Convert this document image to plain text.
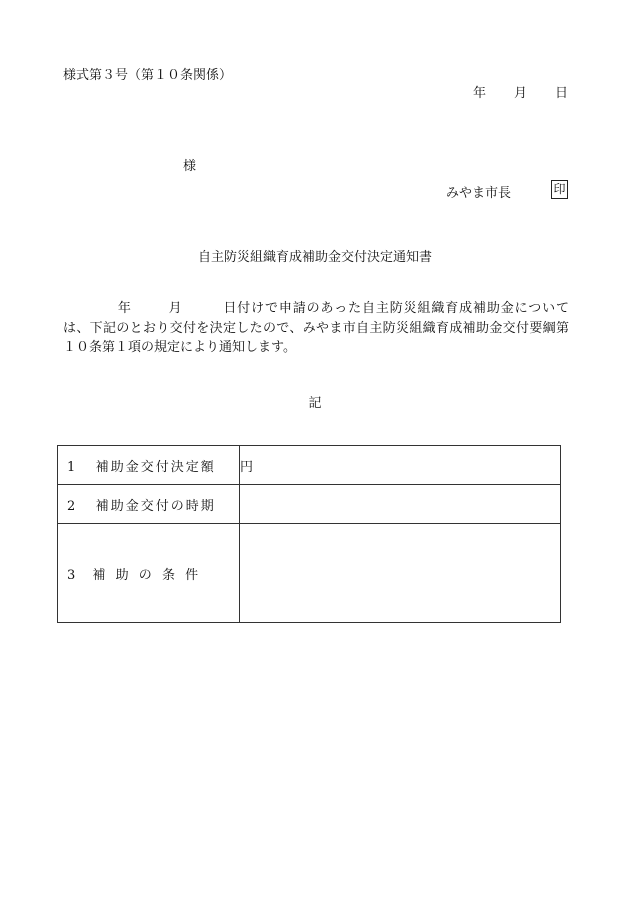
様式第３号（第１０条関係）
年 月 日
様
みやま市長	印
自主防災組織育成補助金交付決定通知書
年	月	日付けで申請のあった自主防災組織育成補助金については、下記のとおり交付を決定したので、みやま市自主防災組織育成補助金交付要綱第１０条第１項の規定により通知します。
記
1 補助金交付決定額	円
2 補助金交付の時期	
3 補 助 の 条 件	
